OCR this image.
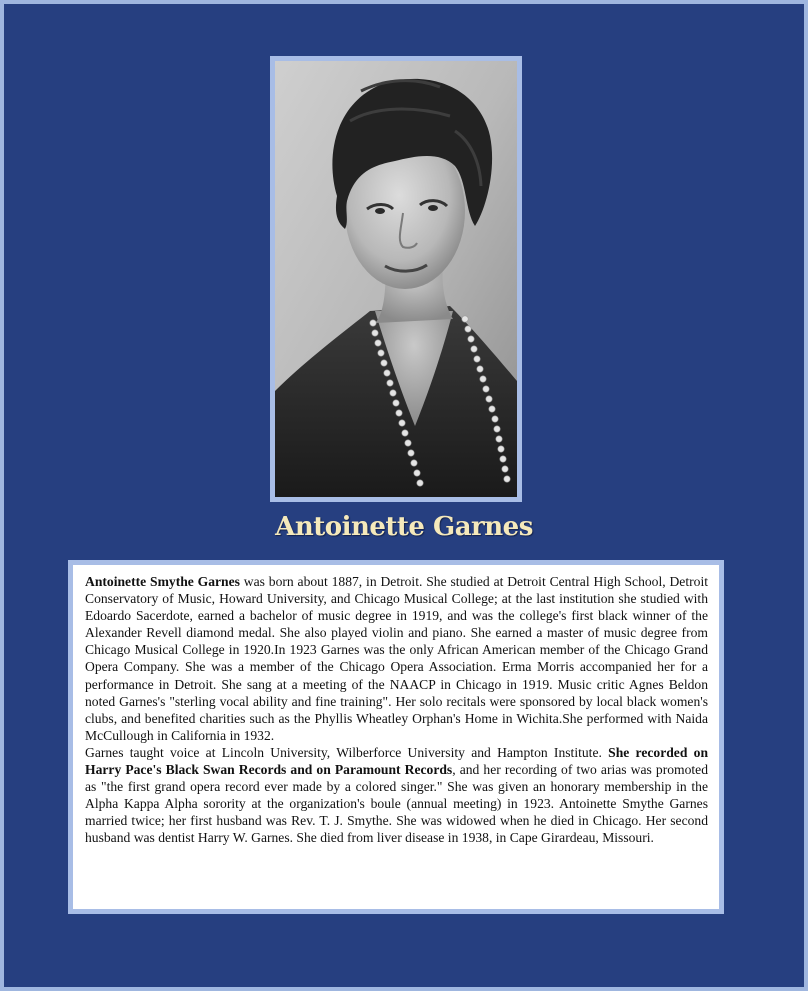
Antoinette Garnes

Antoinette Smythe Garnes was born about 1887, in Detroit. She studied at Detroit Central High School, Detroit Conservatory of Music, Howard University, and Chicago Musical College; at the last institution she studied with Edoardo Sacerdote, earned a bachelor of music degree in 1919, and was the college's first black winner of the Alexander Revell diamond medal. She also played violin and piano. She earned a master of music degree from Chicago Musical College in 1920.In 1923 Garnes was the only African American member of the Chicago Grand Opera Company. She was a member of the Chicago Opera Association. Erma Morris accompanied her for a performance in Detroit. She sang at a meeting of the NAACP in Chicago in 1919. Music critic Agnes Beldon noted Garnes's "sterling vocal ability and fine training". Her solo recitals were sponsored by local black women's clubs, and benefited charities such as the Phyllis Wheatley Orphan's Home in Wichita.She performed with Naida McCullough in California in 1932.

Garnes taught voice at Lincoln University, Wilberforce University and Hampton Institute. She recorded on Harry Pace's Black Swan Records and on Paramount Records, and her recording of two arias was promoted as "the first grand opera record ever made by a colored singer." She was given an honorary membership in the Alpha Kappa Alpha sorority at the organization's boule (annual meeting) in 1923. Antoinette Smythe Garnes married twice; her first husband was Rev. T. J. Smythe. She was widowed when he died in Chicago. Her second husband was dentist Harry W. Garnes. She died from liver disease in 1938, in Cape Girardeau, Missouri.
